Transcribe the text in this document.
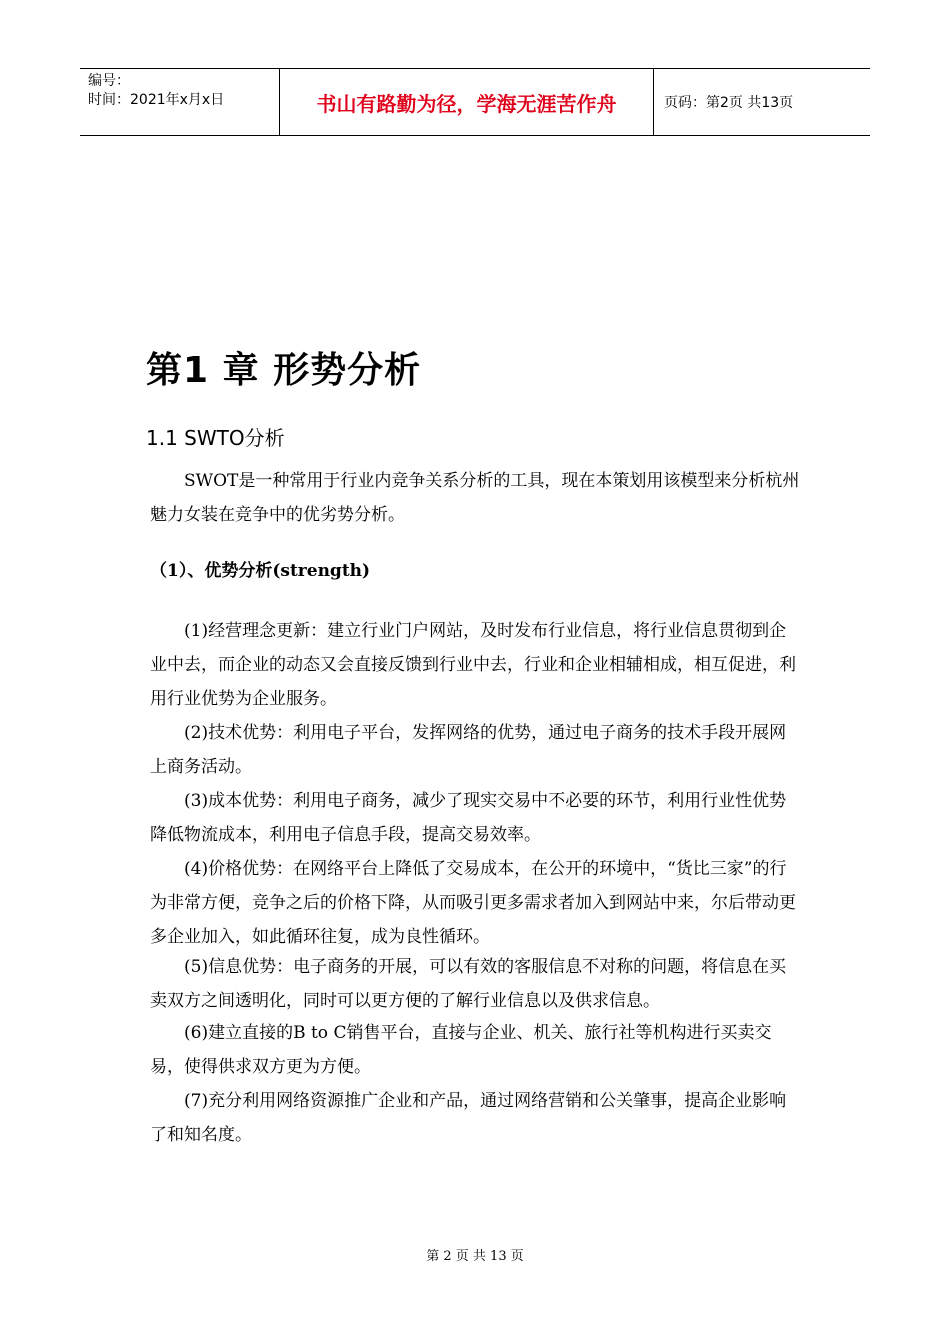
编号：
时间：2021年x月x日	书山有路勤为径，学海无涯苦作舟	页码：第2页 共13页
第1 章 形势分析
1.1 SWTO分析

SWOT是一种常用于行业内竞争关系分析的工具，现在本策划用该模型来分析杭州魅力女装在竞争中的优劣势分析。

（1）、优势分析(strength)

(1)经营理念更新：建立行业门户网站，及时发布行业信息，将行业信息贯彻到企业中去，而企业的动态又会直接反馈到行业中去，行业和企业相辅相成，相互促进，利用行业优势为企业服务。

(2)技术优势：利用电子平台，发挥网络的优势，通过电子商务的技术手段开展网上商务活动。

(3)成本优势：利用电子商务，减少了现实交易中不必要的环节，利用行业性优势降低物流成本，利用电子信息手段，提高交易效率。

(4)价格优势：在网络平台上降低了交易成本，在公开的环境中，“货比三家”的行为非常方便，竞争之后的价格下降，从而吸引更多需求者加入到网站中来，尔后带动更多企业加入，如此循环往复，成为良性循环。

(5)信息优势：电子商务的开展，可以有效的客服信息不对称的问题，将信息在买卖双方之间透明化，同时可以更方便的了解行业信息以及供求信息。

(6)建立直接的B to C销售平台，直接与企业、机关、旅行社等机构进行买卖交易，使得供求双方更为方便。

(7)充分利用网络资源推广企业和产品，通过网络营销和公关肇事，提高企业影响了和知名度。

第 2 页 共 13 页
